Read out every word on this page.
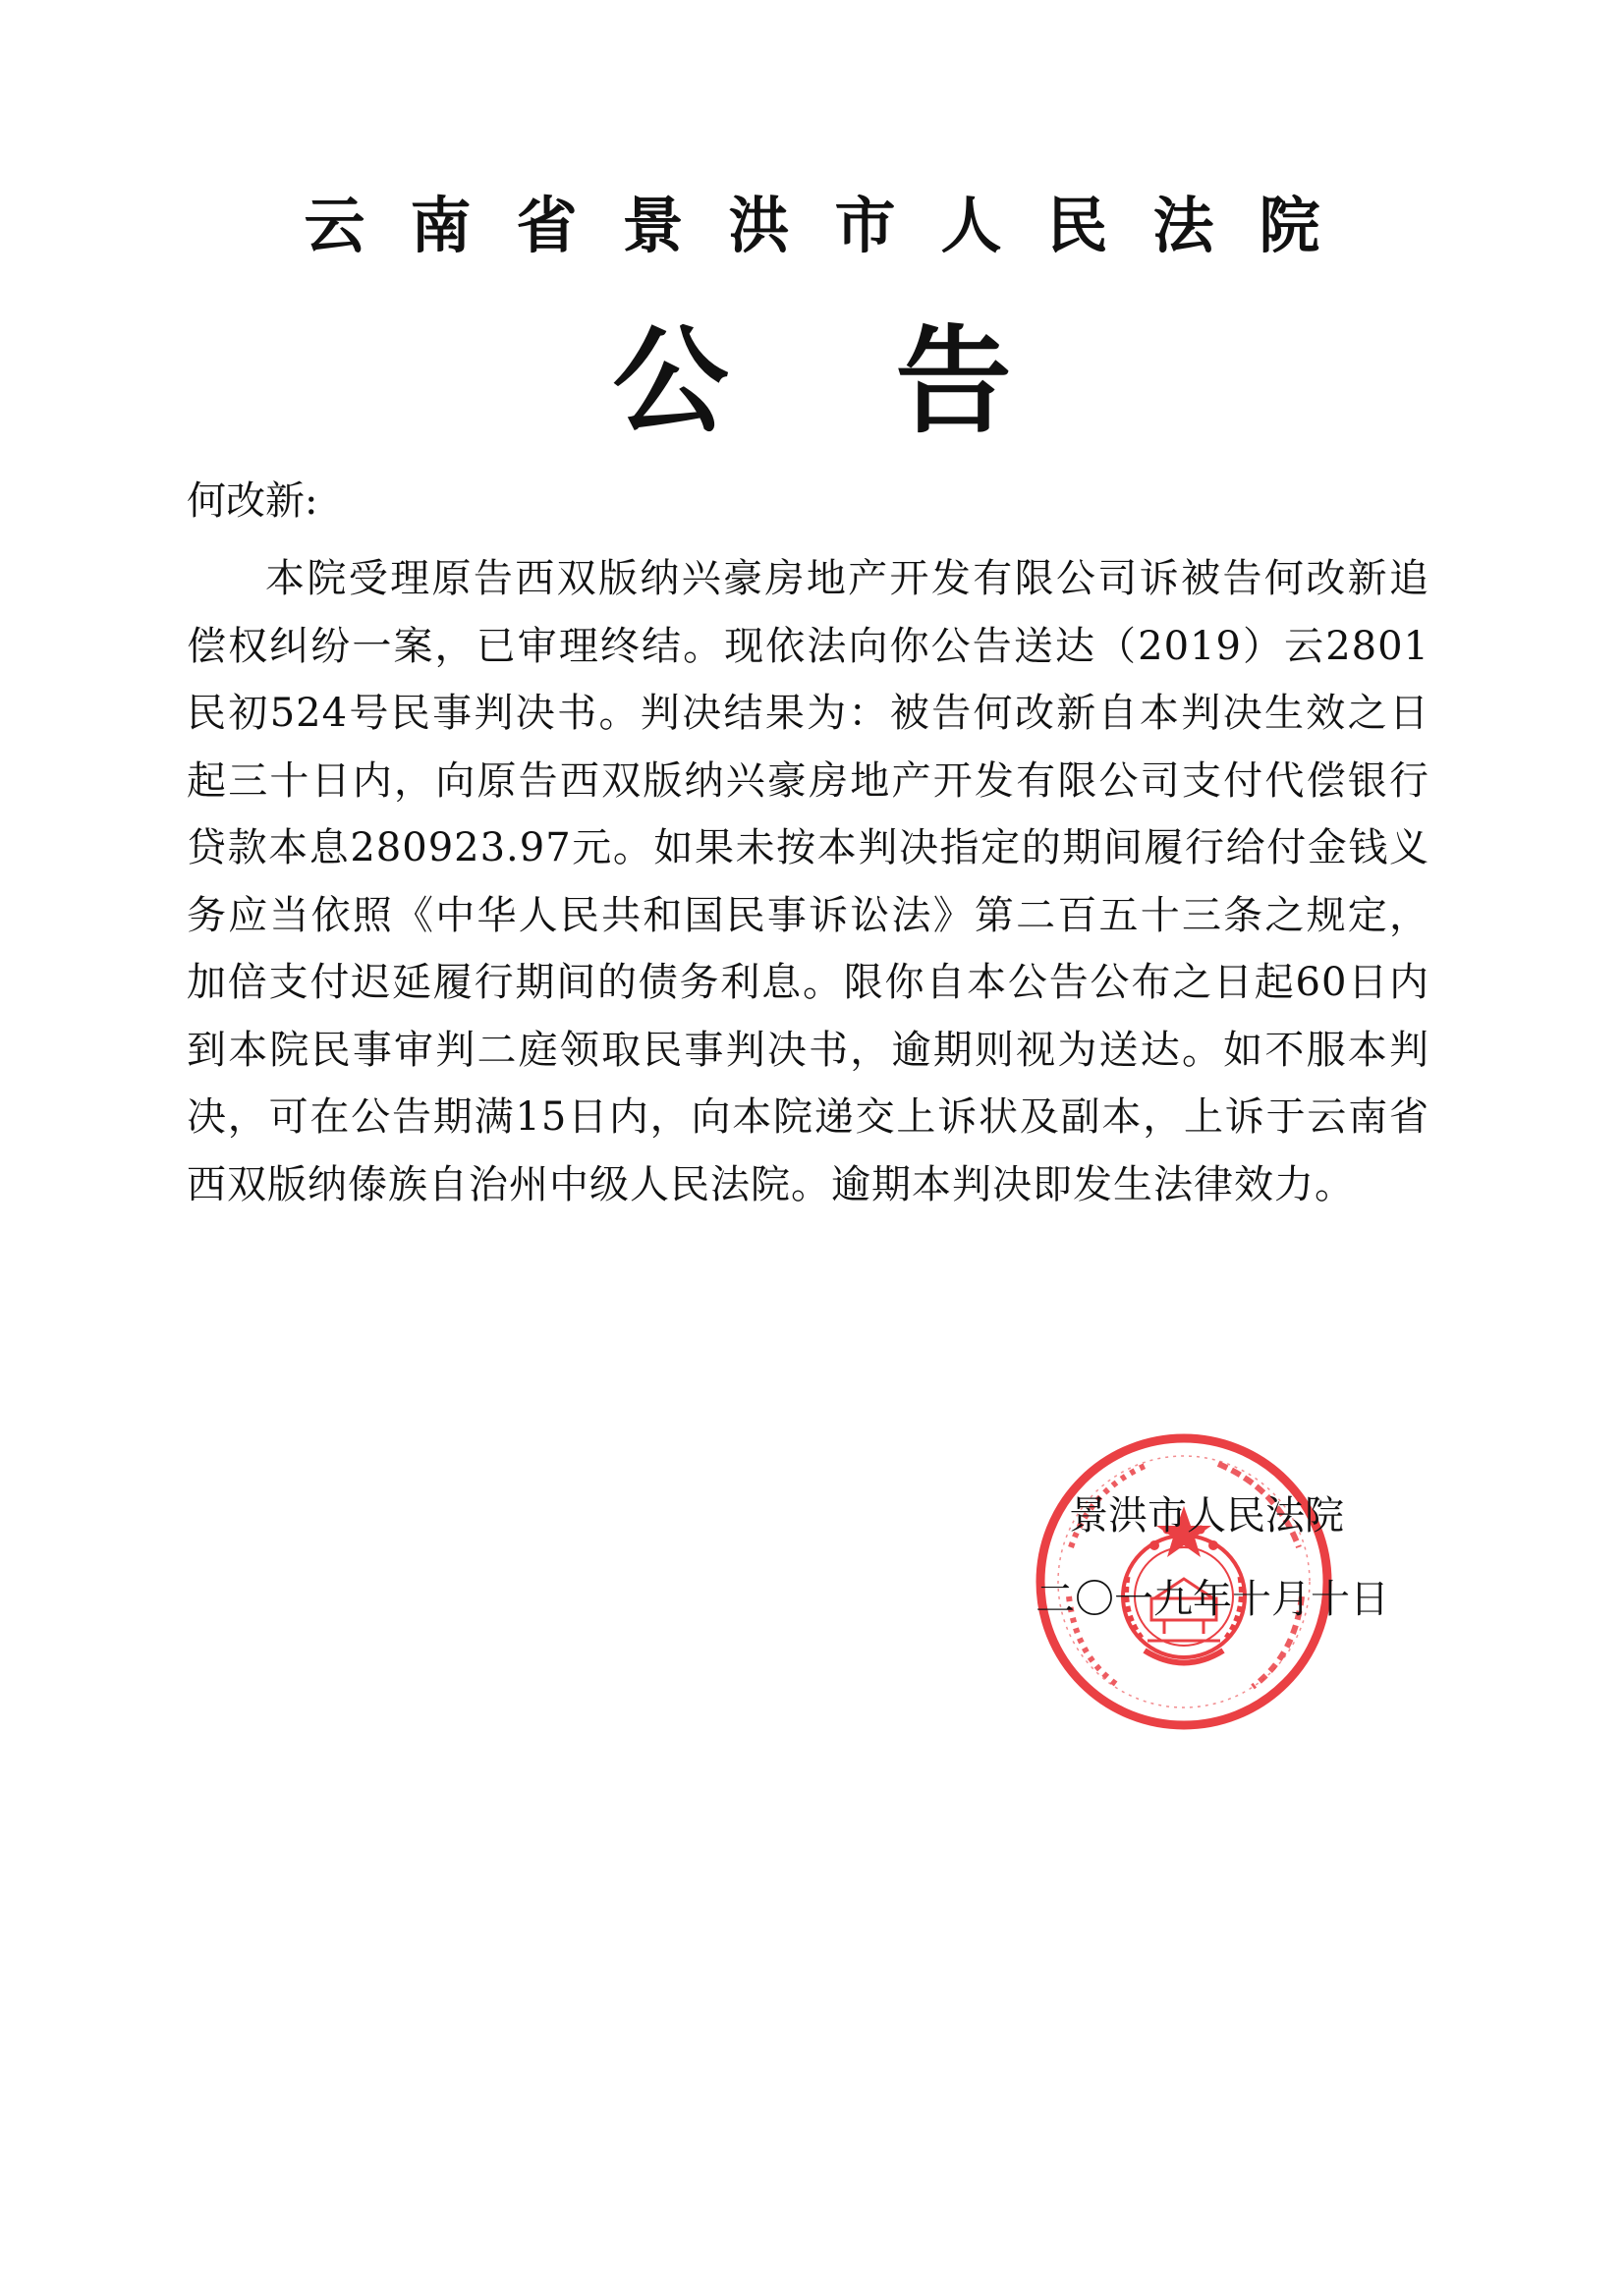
云南省景洪市人民法院
公告
何改新:
本院受理原告西双版纳兴豪房地产开发有限公司诉被告何改新追偿权纠纷一案，已审理终结。现依法向你公告送达（2019）云2801民初524号民事判决书。判决结果为：被告何改新自本判决生效之日起三十日内，向原告西双版纳兴豪房地产开发有限公司支付代偿银行贷款本息280923.97元。如果未按本判决指定的期间履行给付金钱义务应当依照《中华人民共和国民事诉讼法》第二百五十三条之规定，加倍支付迟延履行期间的债务利息。限你自本公告公布之日起60日内到本院民事审判二庭领取民事判决书，逾期则视为送达。如不服本判决，可在公告期满15日内，向本院递交上诉状及副本，上诉于云南省西双版纳傣族自治州中级人民法院。逾期本判决即发生法律效力。
景洪市人民法院
二〇一九年十月十日
